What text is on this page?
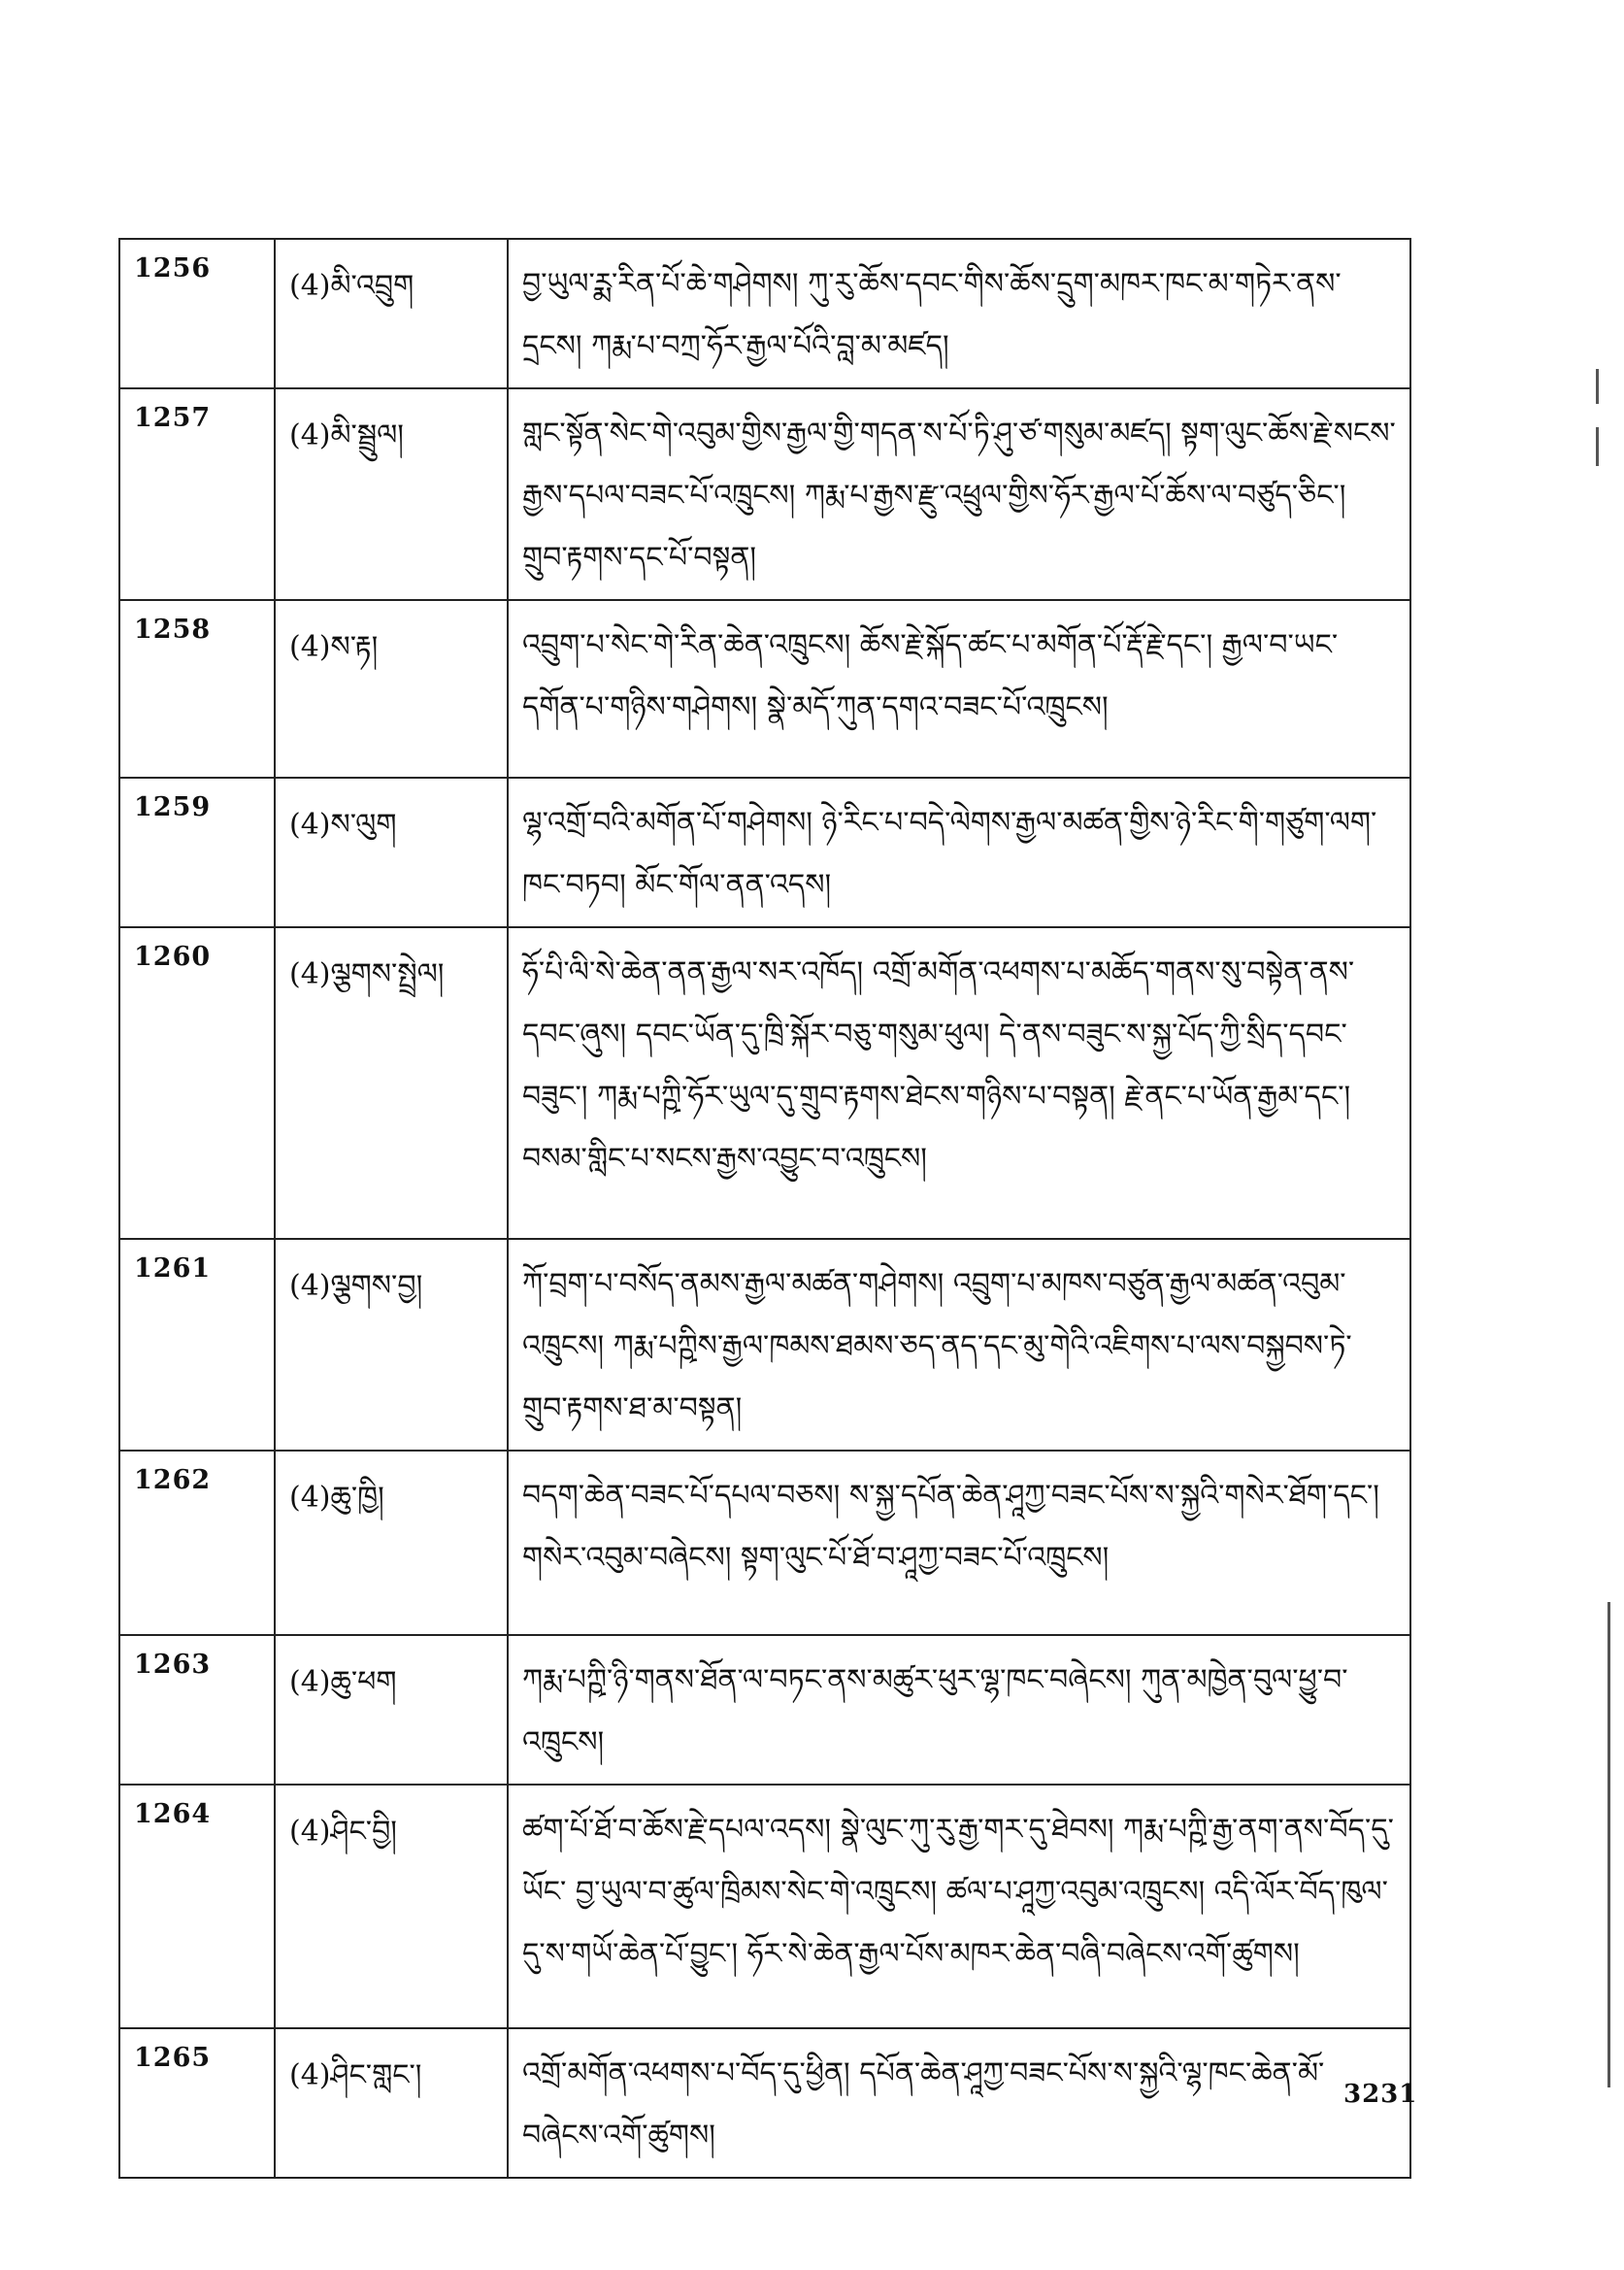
1256	(4)མི་འབྲུག	བྱ་ཡུལ་ཪྨ་རིན་པོ་ཆེ་གཤེགས། ཀུ་རུ་ཆོས་དབང་གིས་ཆོས་དྲུག་མཁར་ཁང་མ་གཏེར་ནས་དྲངས། ཀརྨ་པ་བཀྲ་ཧོར་རྒྱལ་པོའི་བླ་མ་མཛད།
1257	(4)མི་སྦྲུལ།	གླང་སྟོན་སེང་གེ་འབུམ་གྱིས་རྒྱལ་གྱི་གདན་ས་པོ་ཏི་ཤུ་ཙ་གསུམ་མཛད། སྟག་ལུང་ཆོས་རྗེ་སངས་རྒྱས་དཔལ་བཟང་པོ་འཁྲུངས། ཀརྨ་པ་རྒྱས་རྫུ་འཕྲུལ་གྱིས་ཧོར་རྒྱལ་པོ་ཆོས་ལ་བཙུད་ཅིང་། གྲུབ་རྟགས་དང་པོ་བསྟན།
1258	(4)ས་རྟ།	འབྲུག་པ་སེང་གེ་རིན་ཆེན་འཁྲུངས། ཆོས་རྗེ་སྐོད་ཚང་པ་མགོན་པོ་རྡོ་རྗེ་དང་། རྒྱལ་བ་ཡང་དགོན་པ་གཉིས་གཤེགས། སྣེ་མདོ་ཀུན་དགའ་བཟང་པོ་འཁྲུངས།
1259	(4)ས་ལུག	ལྷ་འགྲོ་བའི་མགོན་པོ་གཤེགས། ཉེ་རིང་པ་བདེ་ལེགས་རྒྱལ་མཚན་གྱིས་ཉེ་རིང་གི་གཙུག་ལག་ཁང་བཏབ། མོང་གོལ་ནན་འདས།
1260	(4)ལྕགས་སྤྲེལ།	ཧོ་པི་ལི་སེ་ཆེན་ནན་རྒྱལ་སར་འཁོད། འགྲོ་མགོན་འཕགས་པ་མཆོད་གནས་སུ་བསྟེན་ནས་དབང་ཞུས། དབང་ཡོན་དུ་ཁྲི་སྐོར་བཅུ་གསུམ་ཕུལ། དེ་ནས་བཟུང་ས་སྐྱ་པོད་ཀྱི་སྲིད་དབང་བཟུང་། ཀརྨ་པཀྵི་ཧོར་ཡུལ་དུ་གྲུབ་རྟགས་ཐེངས་གཉིས་པ་བསྟན། རྗེ་ནང་པ་ཡོན་རྒྱམ་དང་། བསམ་གླིང་པ་སངས་རྒྱས་འབྱུང་བ་འཁྲུངས།
1261	(4)ལྕགས་བྱ།	ཀོ་བྲག་པ་བསོད་ནམས་རྒྱལ་མཚན་གཤེགས། འབྲུག་པ་མཁས་བཙུན་རྒྱལ་མཚན་འབུམ་འཁྲུངས། ཀརྨ་པཀྵིས་རྒྱལ་ཁམས་ཐམས་ཅད་ནད་དང་མུ་གེའི་འཇིགས་པ་ལས་བསྐྱབས་ཏེ་གྲུབ་རྟགས་ཐ་མ་བསྟན།
1262	(4)ཆུ་ཁྱི།	བདག་ཆེན་བཟང་པོ་དཔལ་བཅས། ས་སྐྱ་དཔོན་ཆེན་ཤཱཀྱ་བཟང་པོས་ས་སྐྱའི་གསེར་ཐོག་དང་། གསེར་འབུམ་བཞེངས། སྟག་ལུང་པོ་ཐོ་བ་ཤཱཀྱ་བཟང་པོ་འཁྲུངས།
1263	(4)ཆུ་ཕག	ཀརྨ་པཀྵི་ཉི་གནས་ཐོན་ལ་བཏང་ནས་མཚུར་ཕུར་ལྷ་ཁང་བཞེངས། ཀུན་མཁྱེན་བུལ་ཕྱུ་བ་འཁྲུངས།
1264	(4)ཤིང་བྱི།	ཚག་པོ་ཐོ་བ་ཆོས་རྗེ་དཔལ་འདས། སྣེ་ལུང་ཀུ་རུ་རྒྱ་གར་དུ་ཐེབས། ཀརྨ་པཀྵི་རྒྱ་ནག་ནས་བོད་དུ་ཡོང་ བྱ་ཡུལ་བ་ཚུལ་ཁྲིམས་སེང་གེ་འཁྲུངས། ཚལ་པ་ཤཱཀྱ་འབུམ་འཁྲུངས། འདི་ལོར་བོད་ཁུལ་དུ་ས་གཡོ་ཆེན་པོ་བྱུང་། ཧོར་སེ་ཆེན་རྒྱལ་པོས་མཁར་ཆེན་བཞི་བཞེངས་འགོ་ཚུགས།
1265	(4)ཤིང་གླང་།	འགྲོ་མགོན་འཕགས་པ་བོད་དུ་ཕྱིན། དཔོན་ཆེན་ཤཱཀྱ་བཟང་པོས་ས་སྐྱའི་ལྷ་ཁང་ཆེན་མོ་བཞེངས་འགོ་ཚུགས།
3231
